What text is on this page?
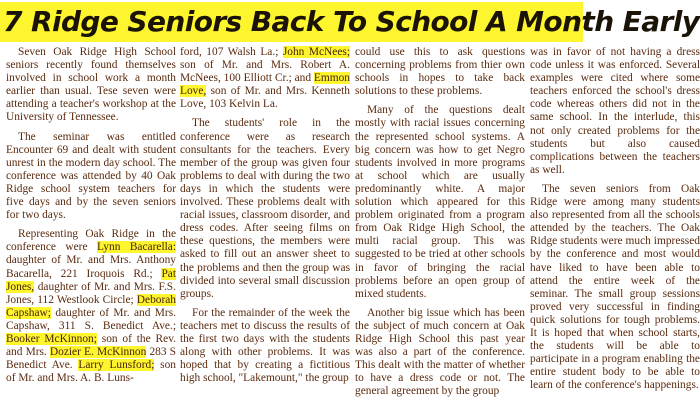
7 Ridge Seniors Back To School A Month Early

Seven Oak Ridge High School seniors recently found themselves involved in school work a month earlier than usual. Tese seven were attending a teacher's workshop at the University of Tennessee.

The seminar was entitled Encounter 69 and dealt with student unrest in the modern day school. The conference was attended by 40 Oak Ridge school system teachers for five days and by the seven seniors for two days.

Representing Oak Ridge in the conference were Lynn Bacarella: daughter of Mr. and Mrs. Anthony Bacarella, 221 Iroquois Rd.; Pat Jones, daughter of Mr. and Mrs. F.S. Jones, 112 Westlook Circle; Deborah Capshaw; daughter of Mr. and Mrs. Capshaw, 311 S. Benedict Ave.; Booker McKinnon; son of the Rev. and Mrs. Dozier E. McKinnon 283 S Benedict Ave. Larry Lunsford; son of Mr. and Mrs. A. B. Luns-

ford, 107 Walsh La.; John McNees; son of Mr. and Mrs. Robert A. McNees, 100 Elliott Cr.; and Emmon Love, son of Mr. and Mrs. Kenneth Love, 103 Kelvin La.

The students' role in the conference were as research consultants for the teachers. Every member of the group was given four problems to deal with during the two days in which the students were involved. These problems dealt with racial issues, classroom disorder, and dress codes. After seeing films on these questions, the members were asked to fill out an answer sheet to the problems and then the group was divided into several small discussion groups.

For the remainder of the week the teachers met to discuss the results of the first two days with the students along with other problems. It was hoped that by creating a fictitious high school, "Lakemount," the group

could use this to ask questions concerning problems from thier own schools in hopes to take back solutions to these problems.

Many of the questions dealt mostly with racial issues concerning the represented school systems. A big concern was how to get Negro students involved in more programs at school which are usually predominantly white. A major solution which appeared for this problem originated from a program from Oak Ridge High School, the multi racial group. This was suggested to be tried at other schools in favor of bringing the racial problems before an open group of mixed students.

Another big issue which has been the subject of much concern at Oak Ridge High School this past year was also a part of the conference. This dealt with the matter of whether to have a dress code or not. The general agreement by the group

was in favor of not having a dress code unless it was enforced. Several examples were cited where some teachers enforced the school's dress code whereas others did not in the same school. In the interlude, this not only created problems for the students but also caused complications between the teachers as well.

The seven seniors from Oak Ridge were among many students also represented from all the schools attended by the teachers. The Oak Ridge students were much impressed by the conference and most would have liked to have been able to attend the entire week of the seminar. The small group sessions proved very successful in finding quick solutions for tough problems. It is hoped that when school starts, the students will be able to participate in a program enabling the entire student body to be able to learn of the conference's happenings.
